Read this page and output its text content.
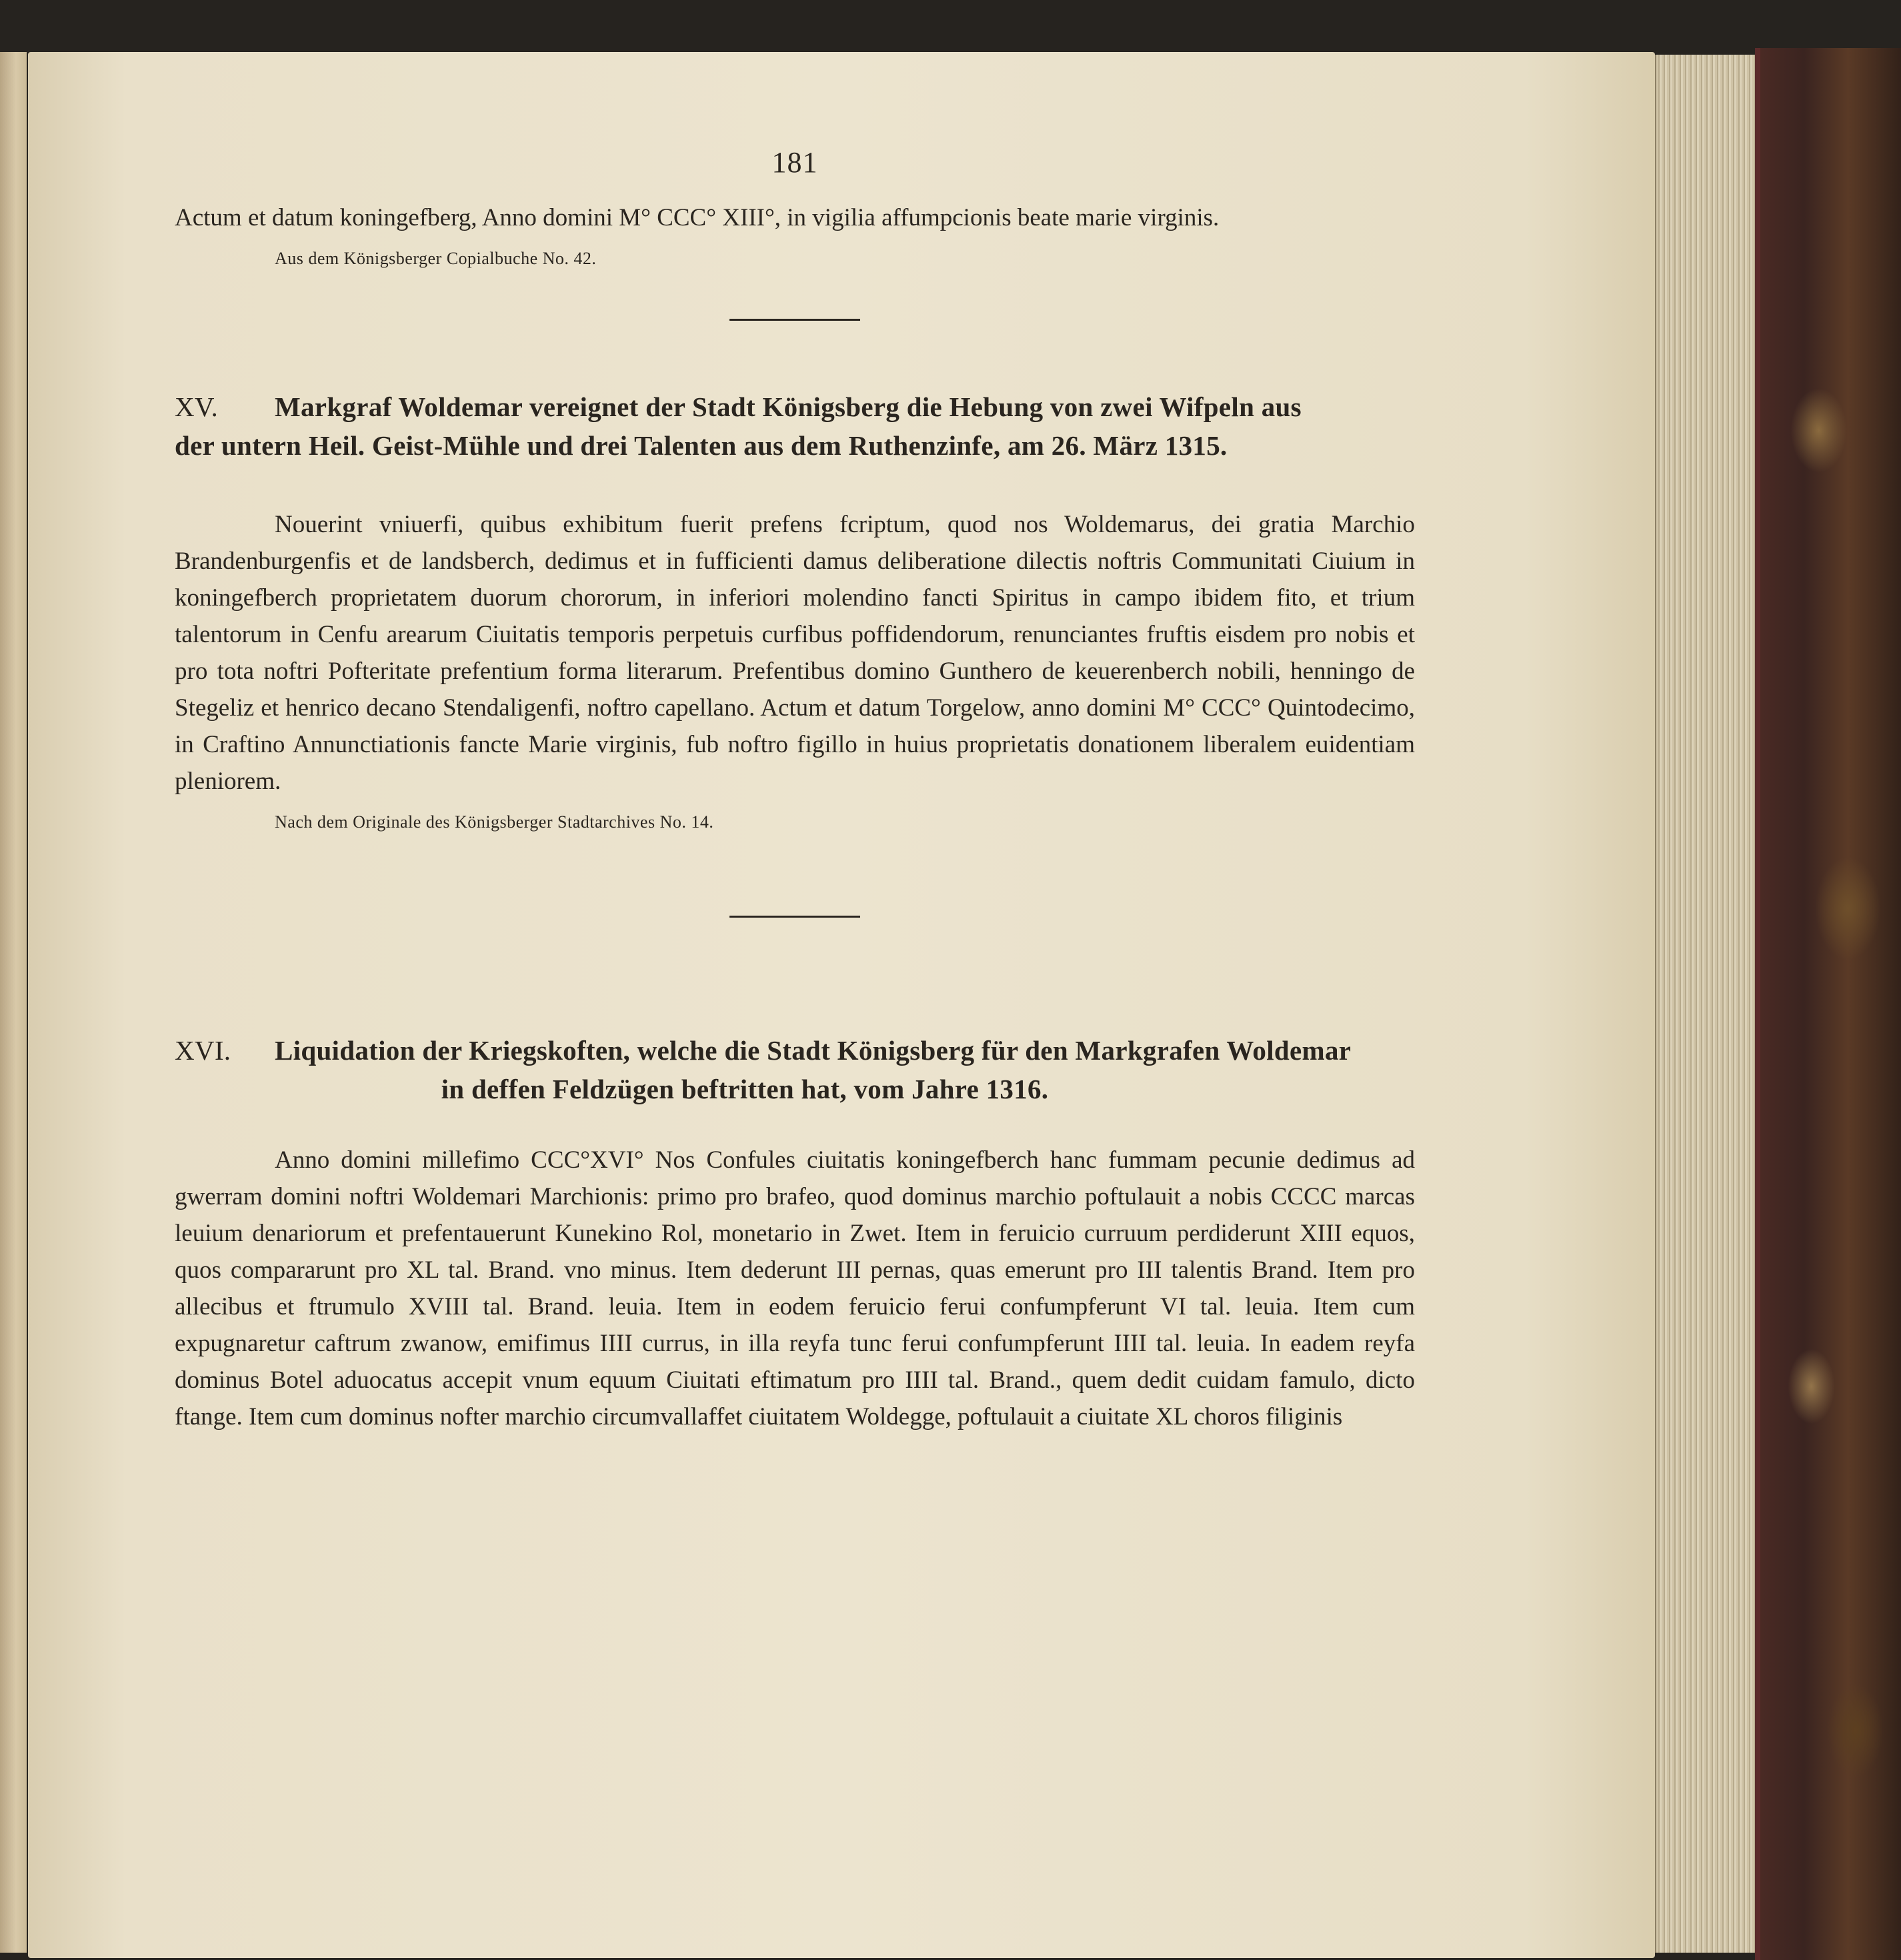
181

Actum et datum koningefberg, Anno domini M° CCC° XIII°, in vigilia affumpcionis beate marie virginis.

Aus dem Königsberger Copialbuche No. 42.
XV. Markgraf Woldemar vereignet der Stadt Königsberg die Hebung von zwei Wifpeln aus
der untern Heil. Geist-Mühle und drei Talenten aus dem Ruthenzinfe, am 26. März 1315.

Nouerint vniuerfi, quibus exhibitum fuerit prefens fcriptum, quod nos Woldemarus, dei gratia Marchio Brandenburgenfis et de landsberch, dedimus et in fufficienti damus deliberatione dilectis noftris Communitati Ciuium in koningefberch proprietatem duorum chororum, in inferiori molendino fancti Spiritus in campo ibidem fito, et trium talentorum in Cenfu arearum Ciuitatis temporis perpetuis curfibus poffidendorum, renunciantes fruftis eisdem pro nobis et pro tota noftri Pofteritate prefentium forma literarum. Prefentibus domino Gunthero de keuerenberch nobili, henningo de Stegeliz et henrico decano Stendaligenfi, noftro capellano. Actum et datum Torgelow, anno domini M° CCC° Quintodecimo, in Craftino Annunctiationis fancte Marie virginis, fub noftro figillo in huius proprietatis donationem liberalem euidentiam pleniorem.

Nach dem Originale des Königsberger Stadtarchives No. 14.
XVI. Liquidation der Kriegskoften, welche die Stadt Königsberg für den Markgrafen Woldemar
in deffen Feldzügen beftritten hat, vom Jahre 1316.

Anno domini millefimo CCC°XVI° Nos Confules ciuitatis koningefberch hanc fummam pecunie dedimus ad gwerram domini noftri Woldemari Marchionis: primo pro brafeo, quod dominus marchio poftulauit a nobis CCCC marcas leuium denariorum et prefentauerunt Kunekino Rol, monetario in Zwet. Item in feruicio curruum perdiderunt XIII equos, quos compararunt pro XL tal. Brand. vno minus. Item dederunt III pernas, quas emerunt pro III talentis Brand. Item pro allecibus et ftrumulo XVIII tal. Brand. leuia. Item in eodem feruicio ferui confumpferunt VI tal. leuia. Item cum expugnaretur caftrum zwanow, emifimus IIII currus, in illa reyfa tunc ferui confumpferunt IIII tal. leuia. In eadem reyfa dominus Botel aduocatus accepit vnum equum Ciuitati eftimatum pro IIII tal. Brand., quem dedit cuidam famulo, dicto ftange. Item cum dominus nofter marchio circumvallaffet ciuitatem Woldegge, poftulauit a ciuitate XL choros filiginis
